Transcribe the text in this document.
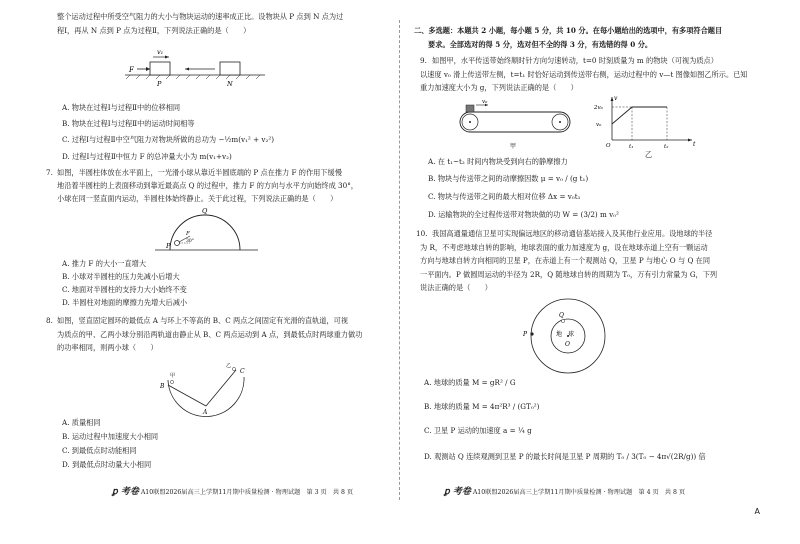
整个运动过程中所受空气阻力的大小与物块运动的速率成正比。设物块从 P 点到 N 点为过
程Ⅰ，再从 N 点到 P 点为过程Ⅱ，下列说法正确的是（　　）
F
v₁
P	N
A. 物块在过程Ⅰ与过程Ⅱ中的位移相同
B. 物块在过程Ⅰ与过程Ⅱ中的运动时间相等
C. 过程Ⅰ与过程Ⅱ中空气阻力对物块所做的总功为 −½m(v₁² + v₂²)
D. 过程Ⅰ与过程Ⅱ中恒力 F 的总冲量大小为 m(v₁+v₂)
7. 如图，半圆柱体放在水平面上，一光滑小球从靠近半圆底端的 P 点在推力 F 的作用下缓慢
地沿着半圆柱的上表面移动到靠近最高点 Q 的过程中，推力 F 的方向与水平方向始终成 30°，
小球在同一竖直面内运动，半圆柱体始终静止。关于此过程，下列说法正确的是（　　）
Q
P
F
30°
A. 推力 F 的大小一直增大
B. 小球对半圆柱的压力先减小后增大
C. 地面对半圆柱的支持力大小始终不变
D. 半圆柱对地面的摩擦力先增大后减小
8. 如图，竖直固定圆环的最低点 A 与环上不等高的 B、C 两点之间固定有光滑的直轨道，可视
为质点的甲、乙两小球分别沿两轨道由静止从 B、C 两点运动到 A 点，到最低点时两球重力做功
的功率相同，则两小球（　　）
A
B
C
甲
乙
A. 质量相同
B. 运动过程中加速度大小相同
C. 到最低点时动能相同
D. 到最低点时动量大小相同
ꝑ 考卷 A10联盟2026届高三上学期11月期中质量检测 · 物理试题　第 3 页　共 8 页
二、多选题：本题共 2 小题，每小题 5 分，共 10 分。在每小题给出的选项中，有多项符合题目
要求。全部选对的得 5 分，选对但不全的得 3 分，有选错的得 0 分。
9. 如图甲，水平传送带始终顺时针方向匀速转动，t=0 时刻质量为 m 的物块（可视为质点）
以速度 v₀ 滑上传送带左侧，t=t₁ 时恰好运动到传送带右侧，运动过程中的 v—t 图像如图乙所示。已知
重力加速度大小为 g，下列说法正确的是（　　）
v₀
甲
v
t
O
v₀
2v₀
t₁	t₂
乙
A. 在 t₁~t₂ 时间内物块受到向右的静摩擦力
B. 物块与传送带之间的动摩擦因数 μ = v₀ / (g t₁)
C. 物块与传送带之间的最大相对位移 Δx = v₀t₁
D. 运输物块的全过程传送带对物块做的功 W = (3/2) m v₀²
10. 我国高通量通信卫星可实现偏远地区的移动通信基站接入及其他行业应用。设地球的半径
为 R，不考虑地球自转的影响，地球表面的重力加速度为 g，设在地球赤道上空有一颗运动
方向与地球自转方向相同的卫星 P，在赤道上有一个观测站 Q，卫星 P 与地心 O 与 Q 在同
一平面内。P 做圆周运动的半径为 2R，Q 随地球自转的周期为 T₀，万有引力常量为 G，下列
说法正确的是（　　）
Q
P
O
地　球
A. 地球的质量 M = gR² / G
B. 地球的质量 M = 4π²R³ / (GT₀²)
C. 卫星 P 运动的加速度 a = ¼ g
D. 观测站 Q 连续观测到卫星 P 的最长时间是卫星 P 周期的 T₀ / 3(T₀ − 4π√(2R/g)) 倍
ꝑ 考卷 A10联盟2026届高三上学期11月期中质量检测 · 物理试题　第 4 页　共 8 页
A
